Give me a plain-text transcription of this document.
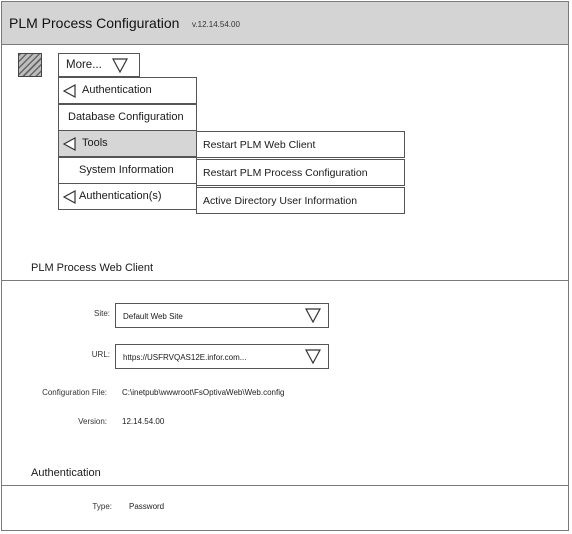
PLM Process Configuration v.12.14.54.00
More...
Authentication
Database Configuration
Tools
System Information
Authentication(s)
Restart PLM Web Client
Restart PLM Process Configuration
Active Directory User Information
PLM Process Web Client
Site: Default Web Site
URL: https://USFRVQAS12E.infor.com...
Configuration File: C:\inetpub\wwwroot\FsOptivaWeb\Web.config
Version: 12.14.54.00
Authentication
Type: Password
